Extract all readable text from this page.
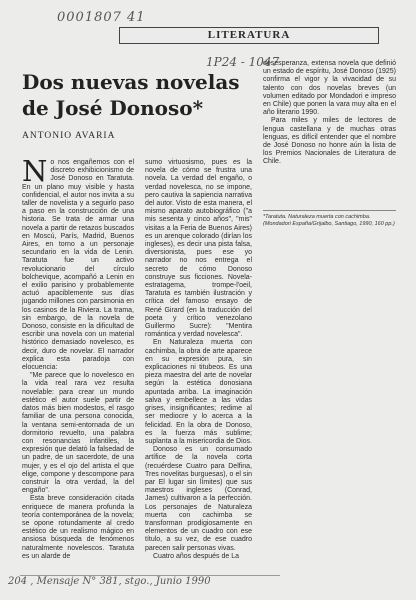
0001807 41
1P24 - 1047
LITERATURA
Dos nuevas novelas de José Donoso*
ANTONIO AVARIA

No nos engañemos con el discreto exhibicionismo de José Donoso en Taratuta. En un plano muy visible y hasta confidencial, el autor nos invita a su taller de novelista y a seguirlo paso a paso en la construcción de una historia. Se trata de armar una novela a partir de retazos buscados en Moscú, París, Madrid, Buenos Aires, en torno a un personaje secundario en la vida de Lenin. Taratuta fue un activo revolucionario del círculo bolchevique, acompañó a Lenin en el exilio parisino y probablemente actuó apaciblemente sus días jugando millones con parsimonia en los casinos de la Riviera. La trama, sin embargo, de la novela de Donoso, consiste en la dificultad de escribir una novela con un material histórico demasiado novelesco, es decir, duro de novelar. El narrador explica esta paradoja con elocuencia:

"Me parece que lo novelesco en la vida real rara vez resulta novelable: para crear un mundo estético el autor suele partir de datos más bien modestos, el rasgo familiar de una persona conocida, la ventana semi-entornada de un dormitorio revuelto, una palabra con resonancias infantiles, la expresión que delató la falsedad de un padre, de un sacerdote, de una mujer, y es el ojo del artista el que elige, compone y descompone para construir la otra verdad, la del engaño".

Esta breve consideración citada enriquece de manera profunda la teoría contemporánea de la novela; se opone rotundamente al credo estético de un realismo mágico en ansiosa búsqueda de fenómenos naturalmente novelescos. Taratuta es un alarde de

sumo virtuosismo, pues es la novela de cómo se frustra una novela. La verdad del engaño, o verdad novelesca, no se impone, pero cautiva la sapiencia narrativa del autor. Visto de esta manera, el mismo aparato autobiográfico ("a mis sesenta y cinco años", "mis" visitas a la Feria de Buenos Aires) es un arenque colorado (dirían los ingleses), es decir una pista falsa, diversionista, pues ese yo narrador no nos entrega el secreto de cómo Donoso construye sus ficciones. Novela-estratagema, trompe-l'oeil, Taratuta es también ilustración y crítica del famoso ensayo de René Girard (en la traducción del poeta y crítico venezolano Guillermo Sucre): "Mentira romántica y verdad novelesca".

En Naturaleza muerta con cachimba, la obra de arte aparece en su expresión pura, sin explicaciones ni titubeos. Es una pieza maestra del arte de novelar según la estética donosiana apuntada arriba. La imaginación salva y embellece a las vidas grises, insignificantes; redime al ser mediocre y lo acerca a la felicidad. En la obra de Donoso, es la fuerza más sublime; suplanta a la misericordia de Dios.

Donoso es un consumado artífice de la novela corta (recuérdese Cuatro para Delfina, Tres novelitas burguesas), o el sin par El lugar sin límites) que sus maestros ingleses (Conrad, James) cultivaron a la perfección. Los personajes de Naturaleza muerta con cachimba se transforman prodigiosamente en elementos de un cuadro con ese título, a su vez, de ese cuadro parecen salir personas vivas.

Cuatro años después de La

desesperanza, extensa novela que definió un estado de espíritu, José Donoso (1925) confirma el vigor y la vivacidad de su talento con dos novelas breves (un volumen editado por Mondadori e impreso en Chile) que ponen la vara muy alta en el año literario 1990.

Para miles y miles de lectores de lengua castellana y de muchas otras lenguas, es difícil entender que el nombre de José Donoso no honre aún la lista de los Premios Nacionales de Literatura de Chile.

*Taratuta. Naturaleza muerta con cachimba. (Mondadori España/Grijalbo, Santiago, 1990, 160 pp.)
204 , Mensaje N° 381, stgo., Junio 1990
